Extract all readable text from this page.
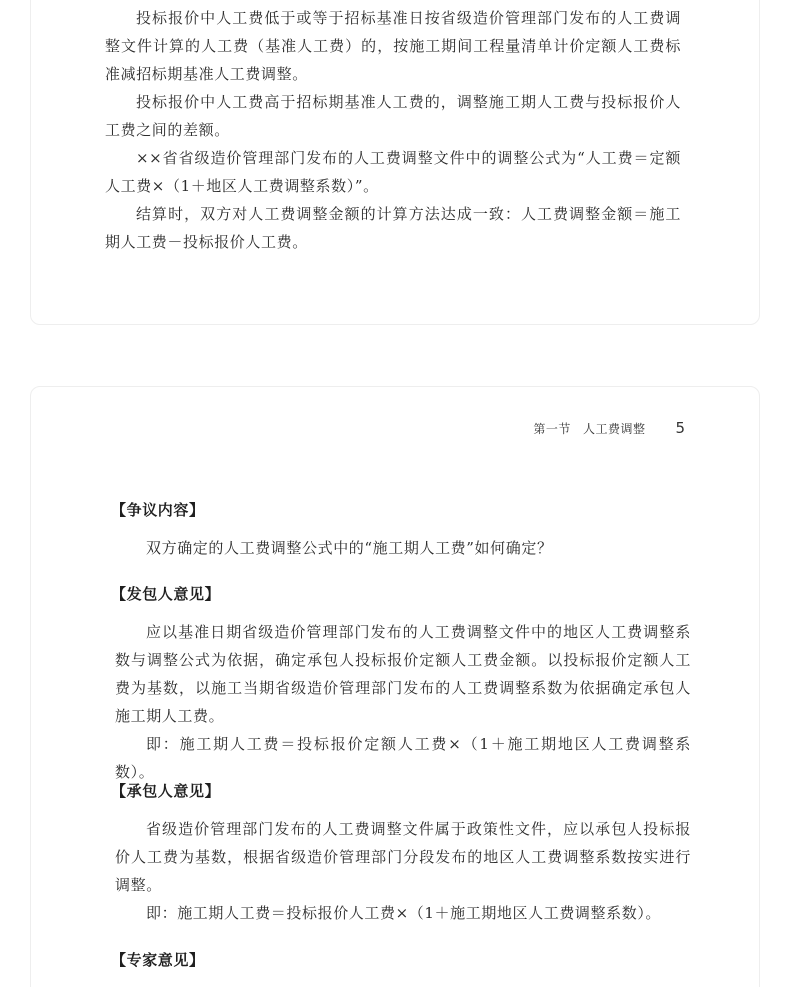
投标报价中人工费低于或等于招标基准日按省级造价管理部门发布的人工费调整文件计算的人工费（基准人工费）的，按施工期间工程量清单计价定额人工费标准减招标期基准人工费调整。

投标报价中人工费高于招标期基准人工费的，调整施工期人工费与投标报价人工费之间的差额。

××省省级造价管理部门发布的人工费调整文件中的调整公式为“人工费＝定额人工费×（1＋地区人工费调整系数）”。

结算时，双方对人工费调整金额的计算方法达成一致：人工费调整金额＝施工期人工费－投标报价人工费。

第一节 人工费调整 5
【争议内容】

双方确定的人工费调整公式中的“施工期人工费”如何确定？

【发包人意见】

应以基准日期省级造价管理部门发布的人工费调整文件中的地区人工费调整系数与调整公式为依据，确定承包人投标报价定额人工费金额。以投标报价定额人工费为基数，以施工当期省级造价管理部门发布的人工费调整系数为依据确定承包人施工期人工费。

即：施工期人工费＝投标报价定额人工费×（1＋施工期地区人工费调整系数）。

【承包人意见】

省级造价管理部门发布的人工费调整文件属于政策性文件，应以承包人投标报价人工费为基数，根据省级造价管理部门分段发布的地区人工费调整系数按实进行调整。

即：施工期人工费＝投标报价人工费×（1＋施工期地区人工费调整系数）。

【专家意见】
